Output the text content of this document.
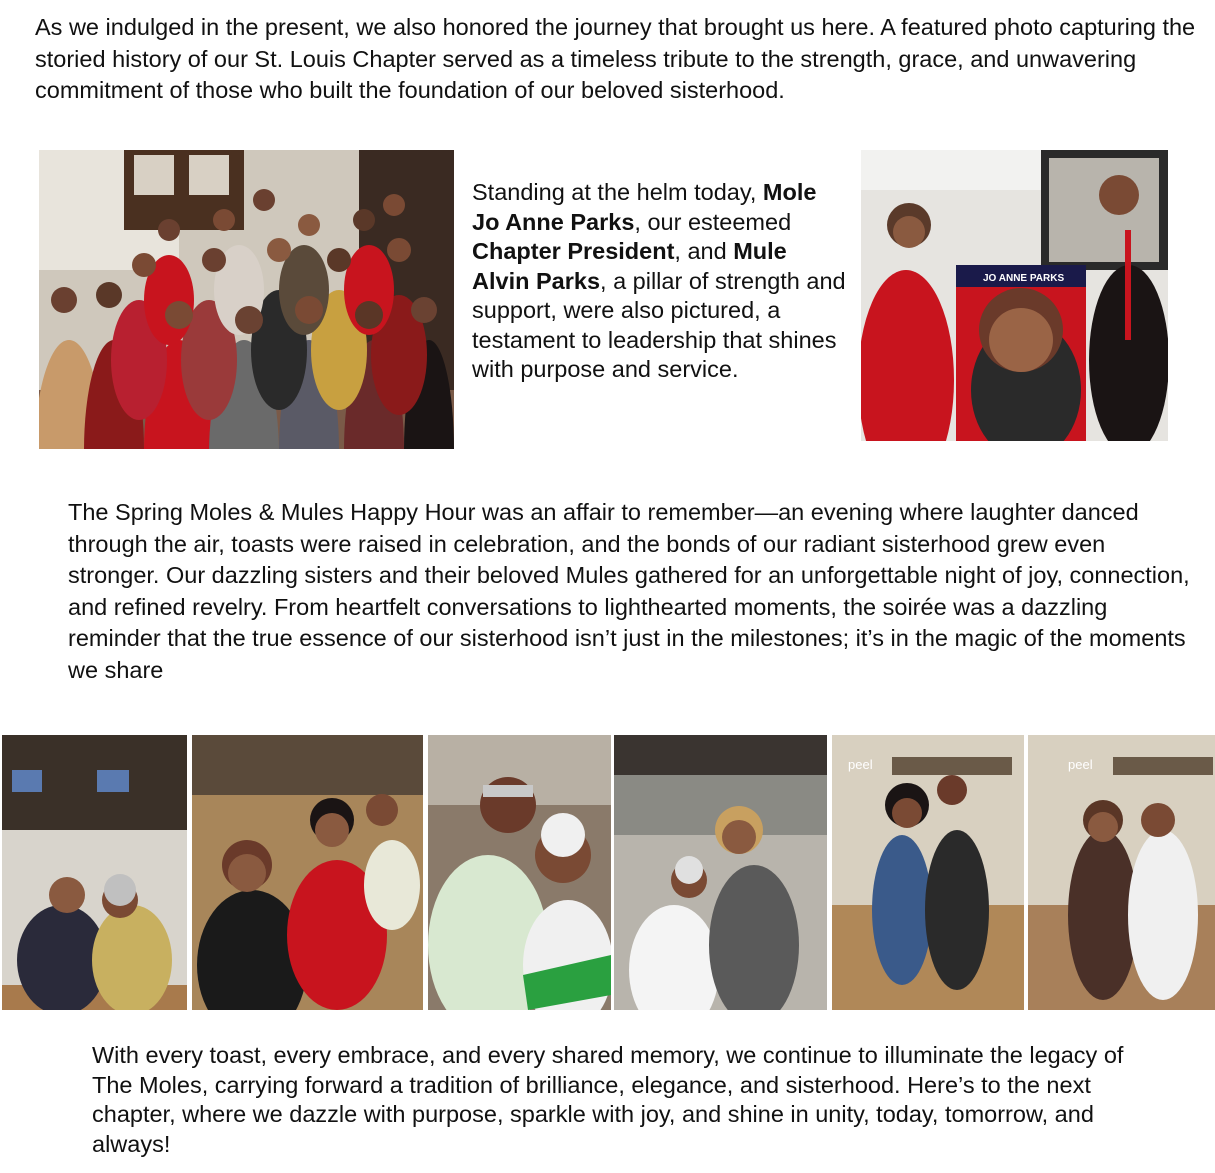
As we indulged in the present, we also honored the journey that brought us here. A featured photo capturing the storied history of our St. Louis Chapter served as a timeless tribute to the strength, grace, and unwavering commitment of those who built the foundation of our beloved sisterhood.

Standing at the helm today, Mole Jo Anne Parks, our esteemed Chapter President, and Mule Alvin Parks, a pillar of strength and support, were also pictured, a testament to leadership that shines with purpose and service.

JO ANNE PARKS

The Spring Moles & Mules Happy Hour was an affair to remember—an evening where laughter danced through the air, toasts were raised in celebration, and the bonds of our radiant sisterhood grew even stronger. Our dazzling sisters and their beloved Mules gathered for an unforgettable night of joy, connection, and refined revelry. From heartfelt conversations to lighthearted moments, the soirée was a dazzling reminder that the true essence of our sisterhood isn’t just in the milestones; it’s in the magic of the moments we share

peel	peel

With every toast, every embrace, and every shared memory, we continue to illuminate the legacy of The Moles, carrying forward a tradition of brilliance, elegance, and sisterhood. Here’s to the next chapter, where we dazzle with purpose, sparkle with joy, and shine in unity, today, tomorrow, and always!
